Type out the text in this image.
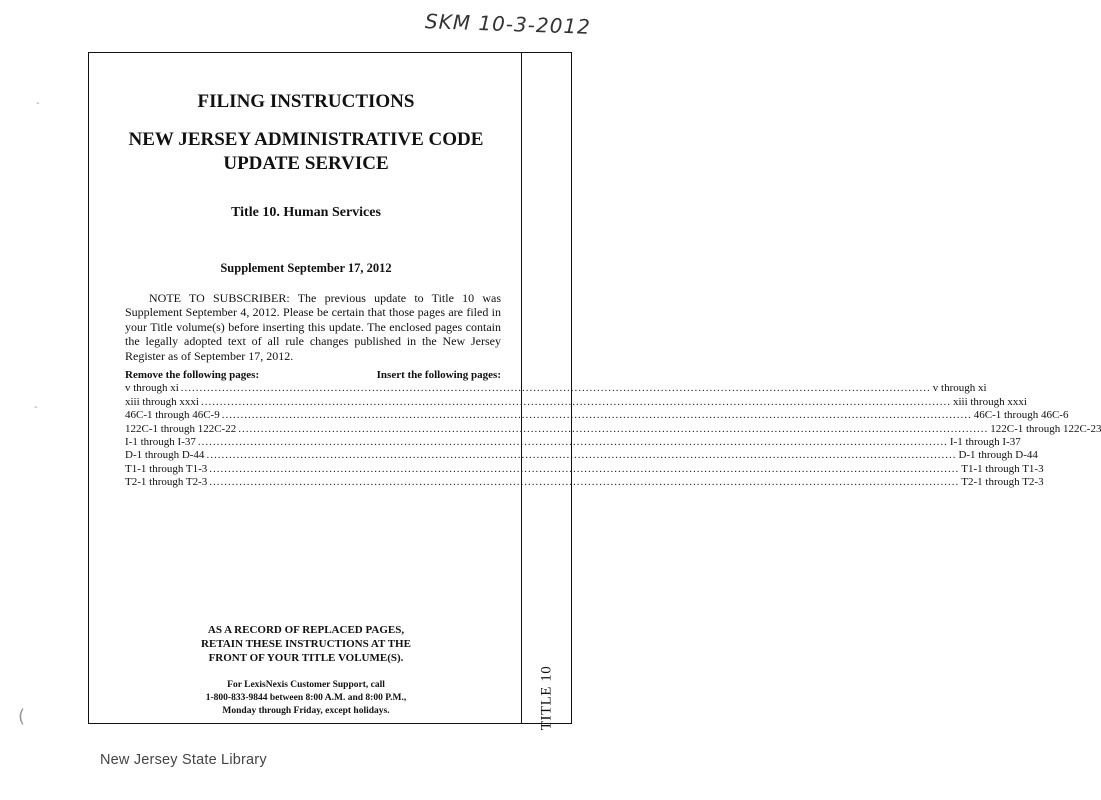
SKM 10-3-2012
-
-
(
FILING INSTRUCTIONS
NEW JERSEY ADMINISTRATIVE CODE
UPDATE SERVICE
Title 10. Human Services
Supplement September 17, 2012
NOTE TO SUBSCRIBER: The previous update to Title 10 was Supplement September 4, 2012. Please be certain that those pages are filed in your Title volume(s) before inserting this update. The enclosed pages contain the legally adopted text of all rule changes published in the New Jersey Register as of September 17, 2012.
Remove the following pages:	Insert the following pages:
v through xi ........................................................................................................................................................................................................ v through xi
xiii through xxxi ........................................................................................................................................................................................................ xiii through xxxi
46C-1 through 46C-9 ........................................................................................................................................................................................................ 46C-1 through 46C-6
122C-1 through 122C-22 ........................................................................................................................................................................................................ 122C-1 through 122C-23
I-1 through I-37 ........................................................................................................................................................................................................ I-1 through I-37
D-1 through D-44 ........................................................................................................................................................................................................ D-1 through D-44
T1-1 through T1-3 ........................................................................................................................................................................................................ T1-1 through T1-3
T2-1 through T2-3 ........................................................................................................................................................................................................ T2-1 through T2-3
AS A RECORD OF REPLACED PAGES,
RETAIN THESE INSTRUCTIONS AT THE
FRONT OF YOUR TITLE VOLUME(S).
For LexisNexis Customer Support, call
1-800-833-9844 between 8:00 A.M. and 8:00 P.M.,
Monday through Friday, except holidays.	TITLE 10
New Jersey State Library
